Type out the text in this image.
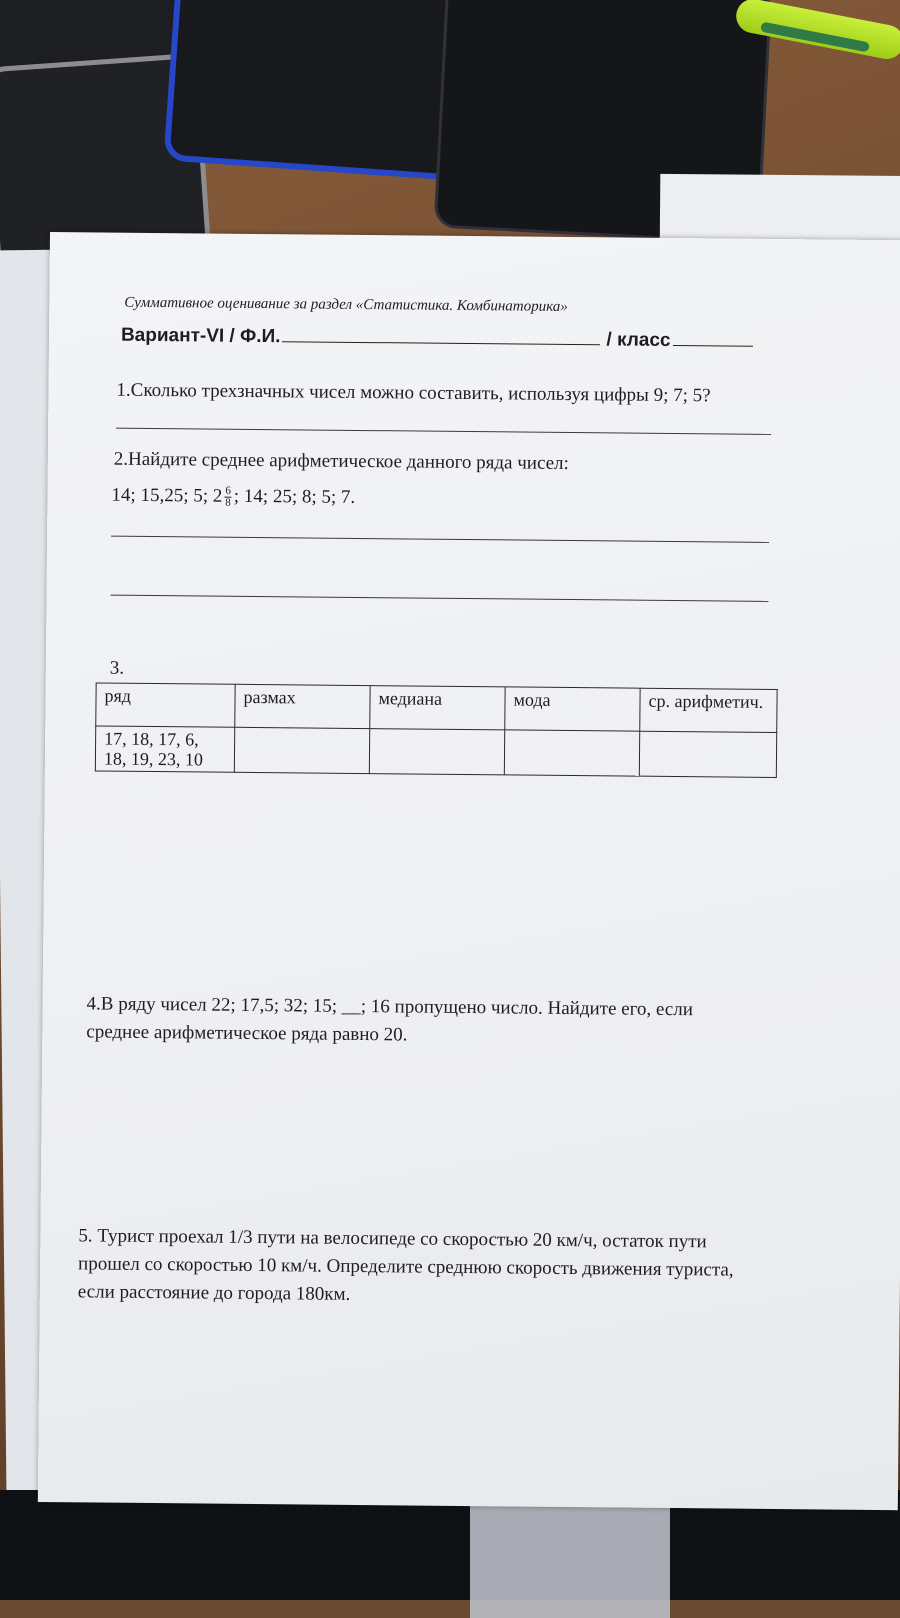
Суммативное оценивание за раздел «Статистика. Комбинаторика»
Вариант-VI / Ф.И.	/ класс
1.Сколько трехзначных чисел можно составить, используя цифры 9; 7; 5?
2.Найдите среднее арифметическое данного ряда чисел:
14; 15,25; 5; $2 \frac{6}{8}$ ; 14; 25; 8; 5; 7.
3.
ряд	размах	медиана	мода	ср. арифметич.

17, 18, 17, 6,
18, 19, 23, 10				

4.В ряду чисел 22; 17,5; 32; 15; __; 16 пропущено число. Найдите его, если
среднее арифметическое ряда равно 20.
5. Турист проехал 1/3 пути на велосипеде со скоростью 20 км/ч, остаток пути
прошел со скоростью 10 км/ч. Определите среднюю скорость движения туриста,
если расстояние до города 180км.
